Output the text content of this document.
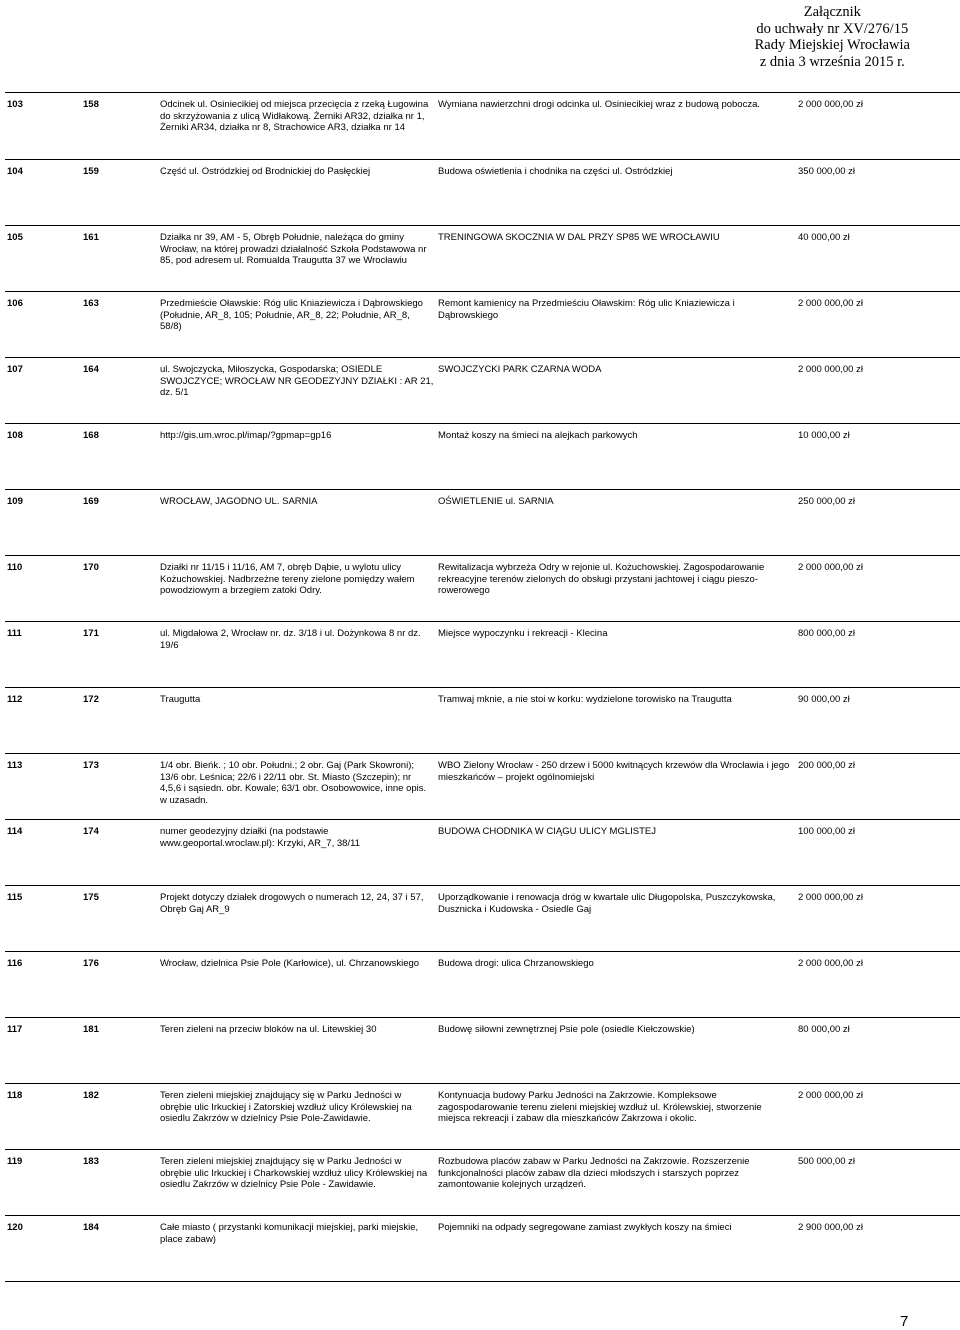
Załącznik
do uchwały nr XV/276/15
Rady Miejskiej Wrocławia
z dnia 3 września 2015 r.
103	158	Odcinek ul. Osiniecikiej od miejsca przecięcia z rzeką Ługowina do skrzyżowania z ulicą Widłakową. Żerniki AR32, działka nr 1, Żerniki AR34, działka nr 8, Strachowice AR3, działka nr 14	Wymiana nawierzchni drogi odcinka ul. Osiniecikiej wraz z budową pobocza.	2 000 000,00 zł
104	159	Część ul. Ostródzkiej od Brodnickiej do Pasłęckiej	Budowa oświetlenia i chodnika na części ul. Ostródzkiej	350 000,00 zł
105	161	Działka nr 39, AM - 5, Obręb Południe, należąca do gminy Wrocław, na której prowadzi działalność Szkoła Podstawowa nr 85, pod adresem ul. Romualda Traugutta 37 we Wrocławiu	TRENINGOWA SKOCZNIA W DAL PRZY SP85 WE WROCŁAWIU	40 000,00 zł
106	163	Przedmieście Oławskie: Róg ulic Kniaziewicza i Dąbrowskiego (Południe, AR_8, 105; Południe, AR_8, 22; Południe, AR_8, 58/8)	Remont kamienicy na Przedmieściu Oławskim: Róg ulic Kniaziewicza i Dąbrowskiego	2 000 000,00 zł
107	164	ul. Swojczycka, Miłoszycka, Gospodarska; OSIEDLE SWOJCZYCE; WROCŁAW NR GEODEZYJNY DZIAŁKI : AR 21, dz. 5/1	SWOJCZYCKI PARK CZARNA WODA	2 000 000,00 zł
108	168	http://gis.um.wroc.pl/imap/?gpmap=gp16	Montaż koszy na śmieci na alejkach parkowych	10 000,00 zł
109	169	WROCŁAW, JAGODNO UL. SARNIA	OŚWIETLENIE ul. SARNIA	250 000,00 zł
110	170	Działki nr 11/15 i 11/16, AM 7, obręb Dąbie, u wylotu ulicy Kożuchowskiej. Nadbrzeżne tereny zielone pomiędzy wałem powodziowym a brzegiem zatoki Odry.	Rewitalizacja wybrzeża Odry w rejonie ul. Kożuchowskiej. Zagospodarowanie rekreacyjne terenów zielonych do obsługi przystani jachtowej i ciągu pieszo-rowerowego	2 000 000,00 zł
111	171	ul. Migdałowa 2, Wrocław nr. dz. 3/18 i ul. Dożynkowa 8 nr dz. 19/6	Miejsce wypoczynku i rekreacji - Klecina	800 000,00 zł
112	172	Traugutta	Tramwaj mknie, a nie stoi w korku: wydzielone torowisko na Traugutta	90 000,00 zł
113	173	1/4 obr. Bieńk. ; 10 obr. Południ.; 2 obr. Gaj (Park Skowroni); 13/6 obr. Leśnica; 22/6 i 22/11 obr. St. Miasto (Szczepin); nr 4,5,6 i sąsiedn. obr. Kowale; 63/1 obr. Osobowowice, inne opis. w uzasadn.	WBO Zielony Wrocław - 250 drzew i 5000 kwitnących krzewów dla Wrocławia i jego mieszkańców – projekt ogólnomiejski	200 000,00 zł
114	174	numer geodezyjny działki (na podstawie www.geoportal.wroclaw.pl): Krzyki, AR_7, 38/11	BUDOWA CHODNIKA W CIĄGU ULICY MGLISTEJ	100 000,00 zł
115	175	Projekt dotyczy działek drogowych o numerach 12, 24, 37 i 57, Obręb Gaj AR_9	Uporządkowanie i renowacja dróg w kwartale ulic Długopolska, Puszczykowska, Dusznicka i Kudowska - Osiedle Gaj	2 000 000,00 zł
116	176	Wrocław, dzielnica Psie Pole (Karłowice), ul. Chrzanowskiego	Budowa drogi: ulica Chrzanowskiego	2 000 000,00 zł
117	181	Teren zieleni na przeciw bloków na ul. Litewskiej 30	Budowę siłowni zewnętrznej Psie pole (osiedle Kiełczowskie)	80 000,00 zł
118	182	Teren zieleni miejskiej znajdujący się w Parku Jedności w obrębie ulic Irkuckiej i Zatorskiej wzdłuż ulicy Królewskiej na osiedlu Zakrzów w dzielnicy Psie Pole-Zawidawie.	Kontynuacja budowy Parku Jedności na Zakrzowie. Kompleksowe zagospodarowanie terenu zieleni miejskiej wzdłuż ul. Królewskiej, stworzenie miejsca rekreacji i zabaw dla mieszkańców Zakrzowa i okolic.	2 000 000,00 zł
119	183	Teren zieleni miejskiej znajdujący się w Parku Jedności w obrębie ulic Irkuckiej i Charkowskiej wzdłuż ulicy Królewskiej na osiedlu Zakrzów w dzielnicy Psie Pole - Zawidawie.	Rozbudowa placów zabaw w Parku Jedności na Zakrzowie. Rozszerzenie funkcjonalności placów zabaw dla dzieci młodszych i starszych poprzez zamontowanie kolejnych urządzeń.	500 000,00 zł
120	184	Całe miasto ( przystanki komunikacji miejskiej, parki miejskie, place zabaw)	Pojemniki na odpady segregowane zamiast zwykłych koszy na śmieci	2 900 000,00 zł
7
